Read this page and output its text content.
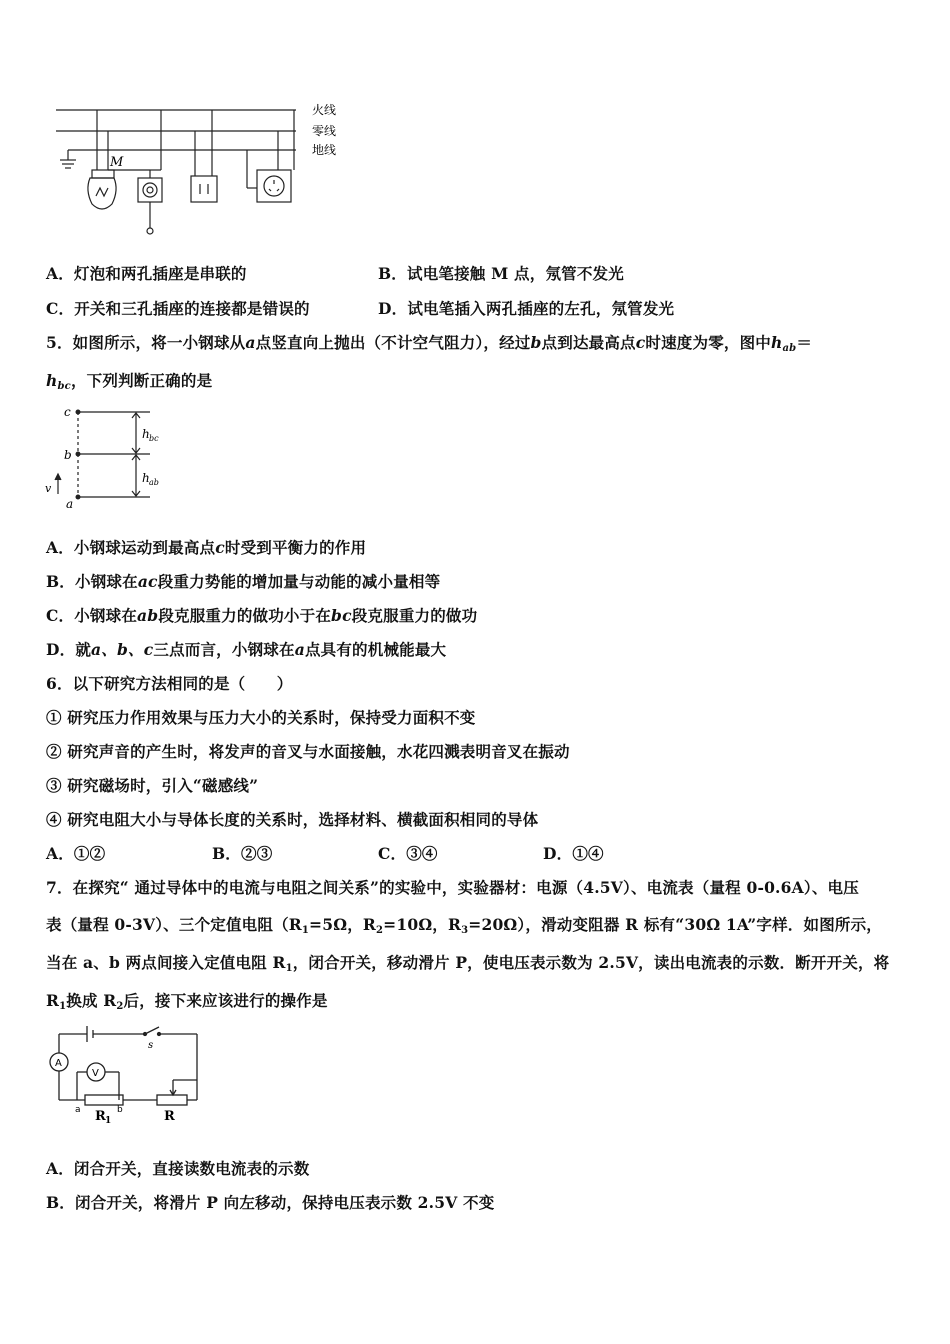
M
火线
零线
地线
A．灯泡和两孔插座是串联的	B．试电笔接触 M 点，氖管不发光
C．开关和三孔插座的连接都是错误的	D．试电笔插入两孔插座的左孔，氖管发光
5．如图所示，将一小钢球从a点竖直向上抛出（不计空气阻力），经过b点到达最高点c时速度为零，图中$h_{ab}=$
$h_{bc}$，下列判断正确的是
c
b
a
v
h bc
h ab
A．小钢球运动到最高点c时受到平衡力的作用
B．小钢球在ac段重力势能的增加量与动能的减小量相等
C．小钢球在ab段克服重力的做功小于在bc段克服重力的做功
D．就a、b、c三点而言，小钢球在a点具有的机械能最大
6．以下研究方法相同的是（　　）
① 研究压力作用效果与压力大小的关系时，保持受力面积不变
② 研究声音的产生时，将发声的音叉与水面接触，水花四溅表明音叉在振动
③ 研究磁场时，引入“磁感线”
④ 研究电阻大小与导体长度的关系时，选择材料、横截面积相同的导体
A．①②	B．②③	C．③④	D．①④
7．在探究“ 通过导体中的电流与电阻之间关系”的实验中，实验器材：电源（4.5V）、电流表（量程 0-0.6A）、电压
表（量程 0-3V）、三个定值电阻（$R_1=5\Omega$，$R_2=10\Omega$，$R_3=20\Omega$），滑动变阻器 R 标有“30Ω 1A”字样．如图所示，
当在 a、b 两点间接入定值电阻 $R_1$，闭合开关，移动滑片 P，使电压表示数为 2.5V，读出电流表的示数．断开开关，将
$R_1$换成 $R_2$后，接下来应该进行的操作是
A
V
s
a	b
R 1	R
A．闭合开关，直接读数电流表的示数
B．闭合开关，将滑片 P 向左移动，保持电压表示数 2.5V 不变
